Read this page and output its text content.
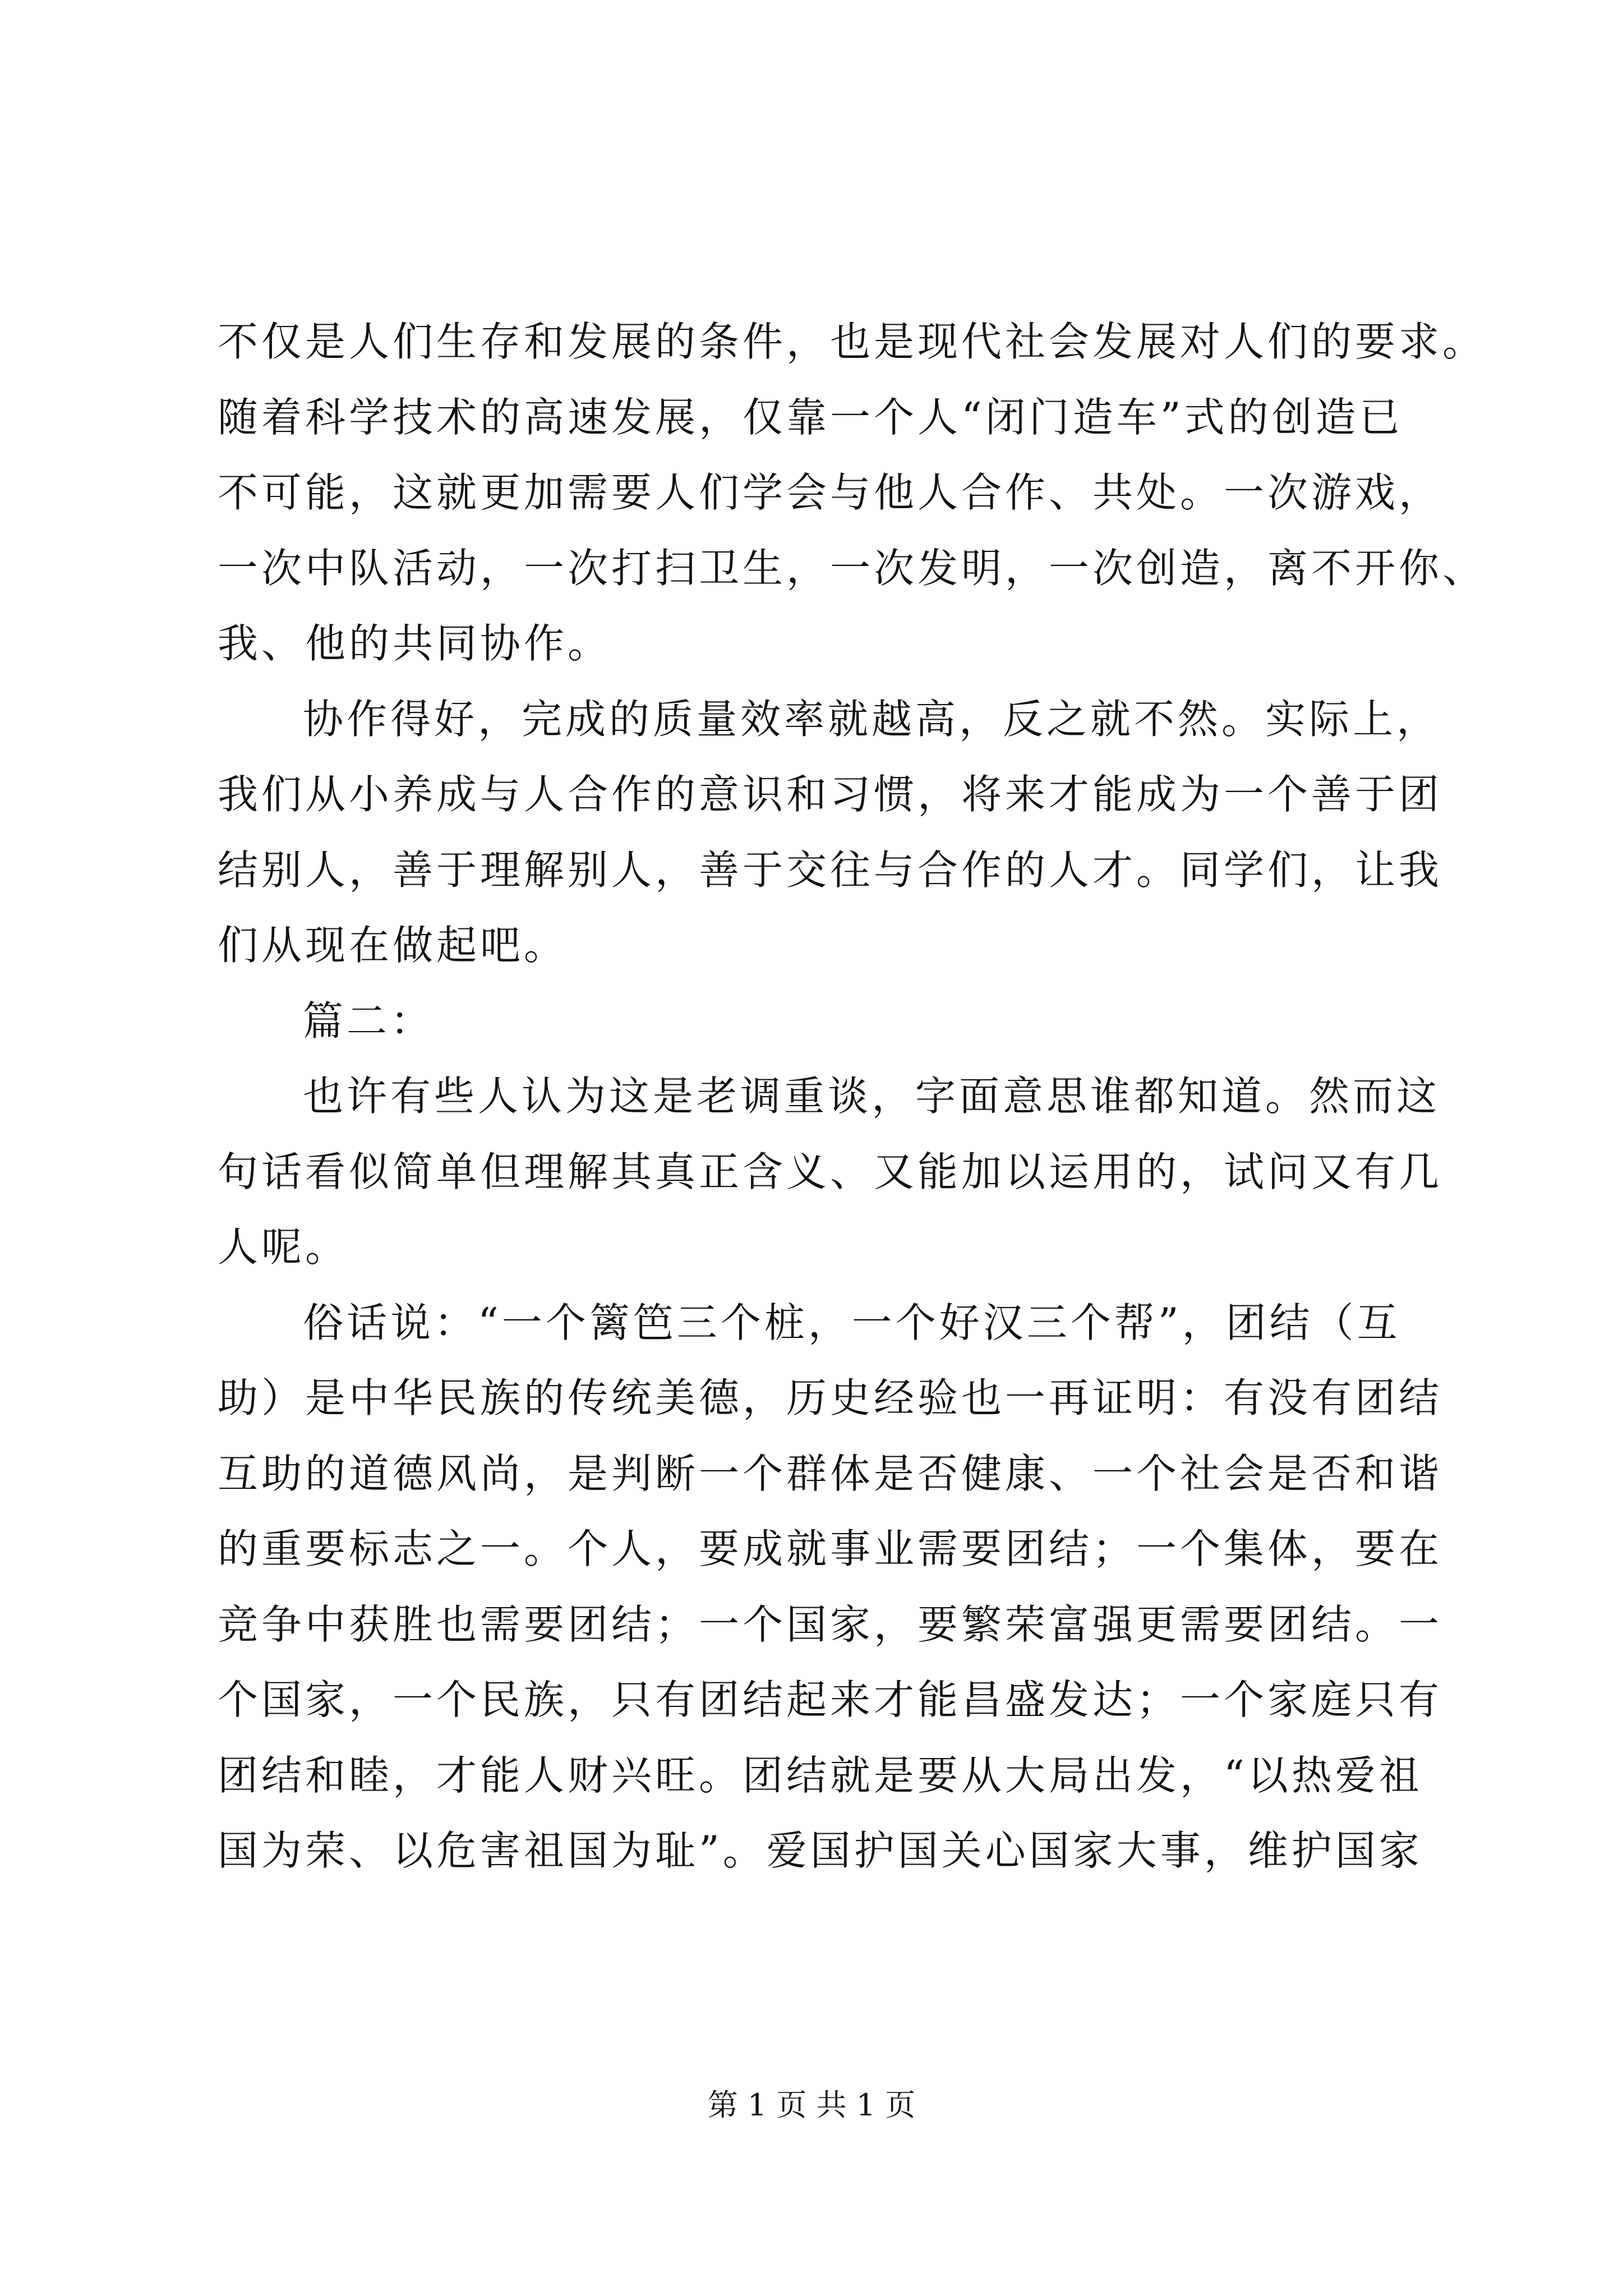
不仅是人们生存和发展的条件，也是现代社会发展对人们的要求。
随着科学技术的高速发展，仅靠一个人“闭门造车”式的创造已
不可能，这就更加需要人们学会与他人合作、共处。一次游戏，
一次中队活动，一次打扫卫生，一次发明，一次创造，离不开你、
我、他的共同协作。
协作得好，完成的质量效率就越高，反之就不然。实际上，
我们从小养成与人合作的意识和习惯，将来才能成为一个善于团
结别人，善于理解别人，善于交往与合作的人才。同学们，让我
们从现在做起吧。
篇二：
也许有些人认为这是老调重谈，字面意思谁都知道。然而这
句话看似简单但理解其真正含义、又能加以运用的，试问又有几
人呢。
俗话说：“一个篱笆三个桩，一个好汉三个帮”，团结（互
助）是中华民族的传统美德，历史经验也一再证明：有没有团结
互助的道德风尚，是判断一个群体是否健康、一个社会是否和谐
的重要标志之一。个人，要成就事业需要团结；一个集体，要在
竞争中获胜也需要团结；一个国家，要繁荣富强更需要团结。一
个国家，一个民族，只有团结起来才能昌盛发达；一个家庭只有
团结和睦，才能人财兴旺。团结就是要从大局出发，“以热爱祖
国为荣、以危害祖国为耻”。爱国护国关心国家大事，维护国家
第 1 页 共 1 页
